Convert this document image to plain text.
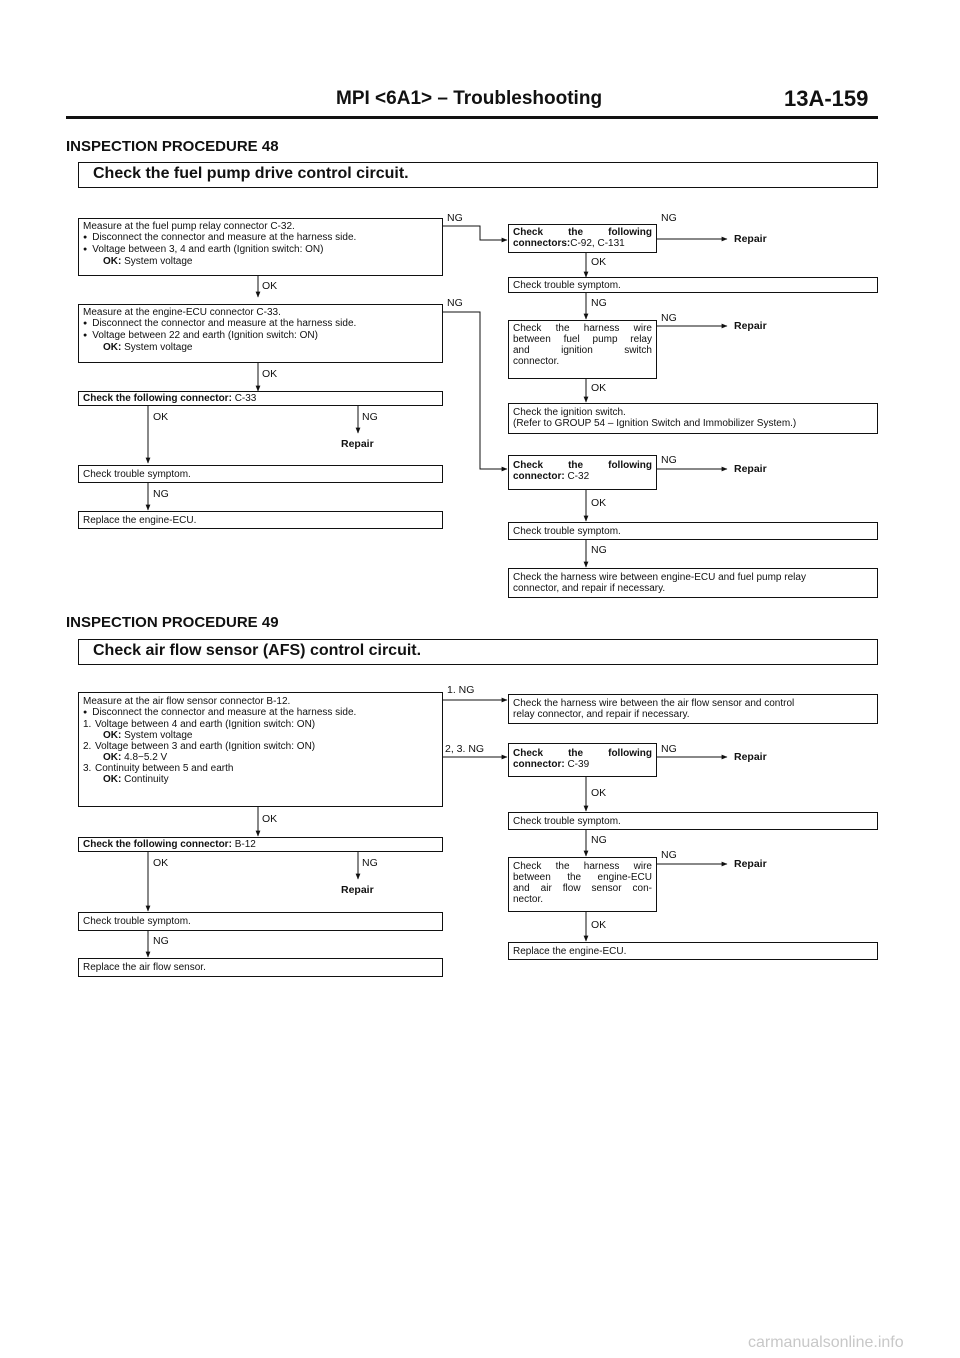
MPI <6A1> – Troubleshooting	13A-159
INSPECTION PROCEDURE 48
Check the fuel pump drive control circuit.

Measure at the fuel pump relay connector C-32.

● Disconnect the connector and measure at the harness side.

● Voltage between 3, 4 and earth (Ignition switch: ON)

OK: System voltage

OK

Measure at the engine-ECU connector C-33.

● Disconnect the connector and measure at the harness side.

● Voltage between 22 and earth (Ignition switch: ON)

OK: System voltage

OK
Check the following connector: C-33
OK	NG
Repair
Check trouble symptom.
NG
Replace the engine-ECU.
NG
NG

Check the following

connectors:C-92, C-131

NG
Repair
OK
Check trouble symptom.
NG

Check the harness wire

between fuel pump relay

and ignition switch

connector.

NG
Repair
OK

Check the ignition switch.

(Refer to GROUP 54 – Ignition Switch and Immobilizer System.)

Check the following

connector: C-32

NG
Repair
OK
Check trouble symptom.
NG

Check the harness wire between engine-ECU and fuel pump relay

connector, and repair if necessary.

INSPECTION PROCEDURE 49
Check air flow sensor (AFS) control circuit.

Measure at the air flow sensor connector B-12.

● Disconnect the connector and measure at the harness side.

1. Voltage between 4 and earth (Ignition switch: ON)

OK: System voltage

2. Voltage between 3 and earth (Ignition switch: ON)

OK: 4.8−5.2 V

3. Continuity between 5 and earth

OK: Continuity

OK
Check the following connector: B-12
OK	NG
Repair
Check trouble symptom.
NG
Replace the air flow sensor.
1. NG
2, 3. NG

Check the harness wire between the air flow sensor and control

relay connector, and repair if necessary.

Check the following

connector: C-39

NG
Repair
OK
Check trouble symptom.
NG

Check the harness wire

between the engine-ECU

and air flow sensor con-

nector.

NG
Repair
OK
Replace the engine-ECU.
carmanualsonline.info
